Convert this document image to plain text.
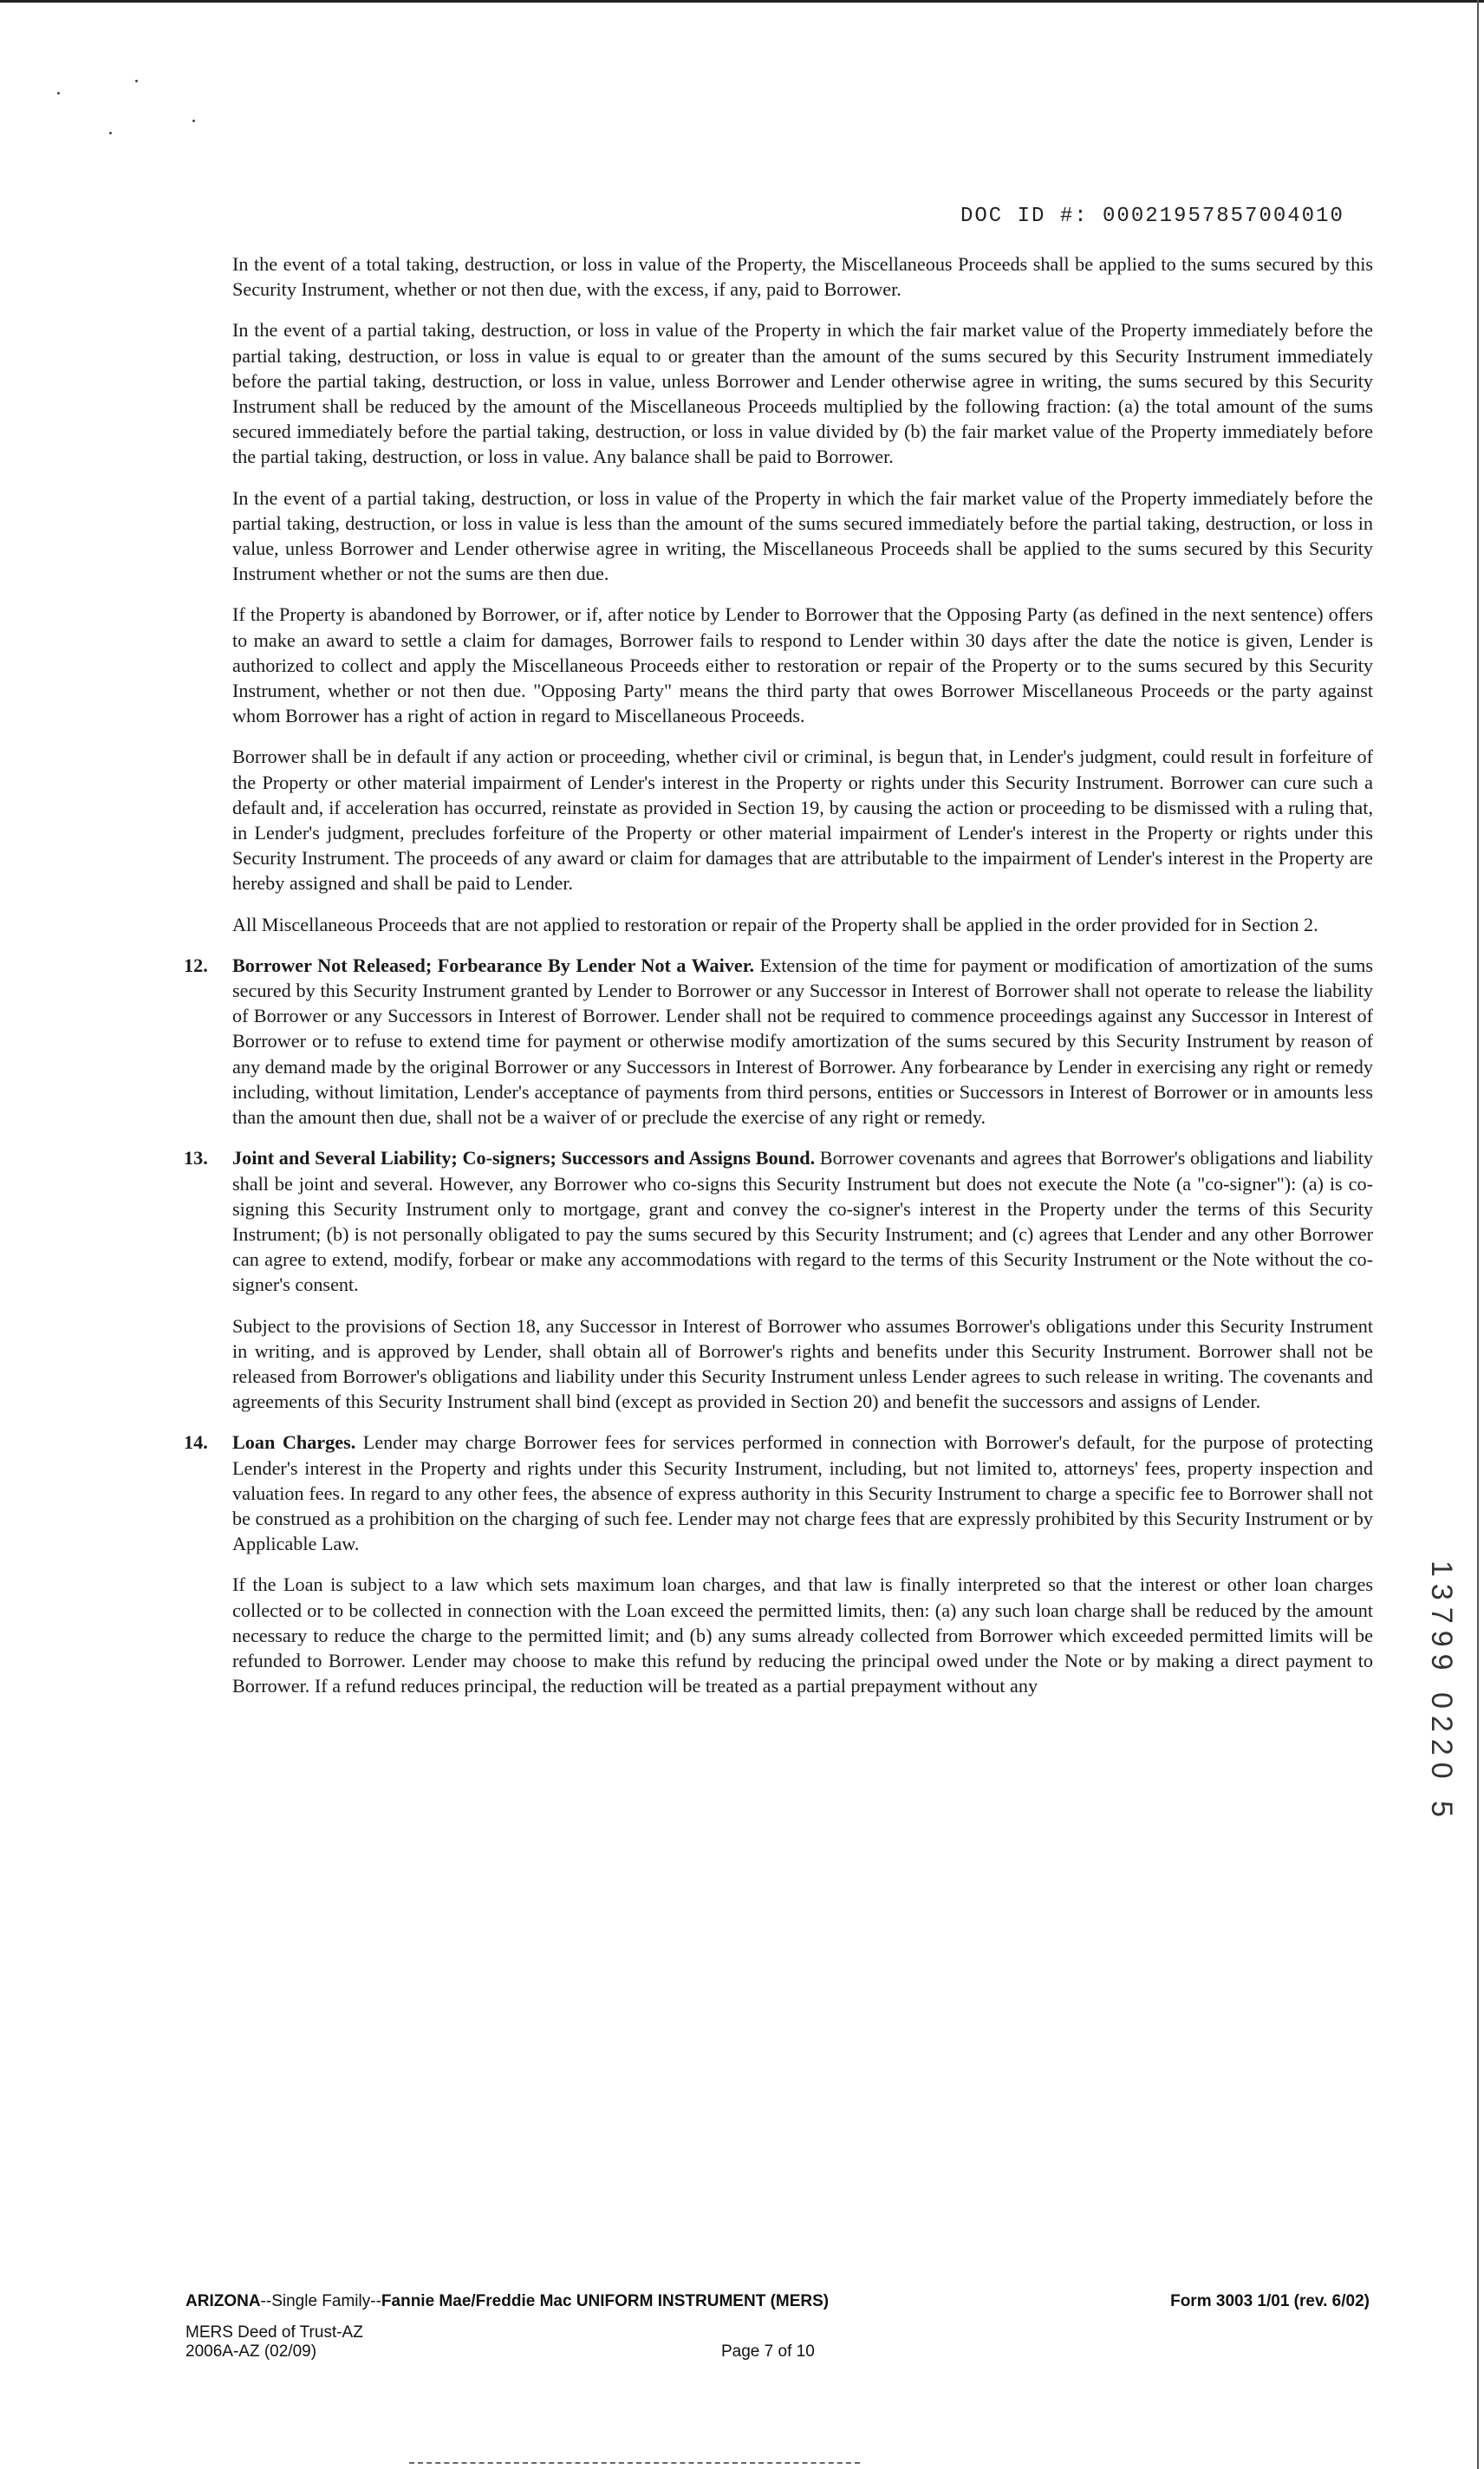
DOC ID #: 00021957857004010

In the event of a total taking, destruction, or loss in value of the Property, the Miscellaneous Proceeds shall be applied to the sums secured by this Security Instrument, whether or not then due, with the excess, if any, paid to Borrower.

In the event of a partial taking, destruction, or loss in value of the Property in which the fair market value of the Property immediately before the partial taking, destruction, or loss in value is equal to or greater than the amount of the sums secured by this Security Instrument immediately before the partial taking, destruction, or loss in value, unless Borrower and Lender otherwise agree in writing, the sums secured by this Security Instrument shall be reduced by the amount of the Miscellaneous Proceeds multiplied by the following fraction: (a) the total amount of the sums secured immediately before the partial taking, destruction, or loss in value divided by (b) the fair market value of the Property immediately before the partial taking, destruction, or loss in value. Any balance shall be paid to Borrower.

In the event of a partial taking, destruction, or loss in value of the Property in which the fair market value of the Property immediately before the partial taking, destruction, or loss in value is less than the amount of the sums secured immediately before the partial taking, destruction, or loss in value, unless Borrower and Lender otherwise agree in writing, the Miscellaneous Proceeds shall be applied to the sums secured by this Security Instrument whether or not the sums are then due.

If the Property is abandoned by Borrower, or if, after notice by Lender to Borrower that the Opposing Party (as defined in the next sentence) offers to make an award to settle a claim for damages, Borrower fails to respond to Lender within 30 days after the date the notice is given, Lender is authorized to collect and apply the Miscellaneous Proceeds either to restoration or repair of the Property or to the sums secured by this Security Instrument, whether or not then due. "Opposing Party" means the third party that owes Borrower Miscellaneous Proceeds or the party against whom Borrower has a right of action in regard to Miscellaneous Proceeds.

Borrower shall be in default if any action or proceeding, whether civil or criminal, is begun that, in Lender's judgment, could result in forfeiture of the Property or other material impairment of Lender's interest in the Property or rights under this Security Instrument. Borrower can cure such a default and, if acceleration has occurred, reinstate as provided in Section 19, by causing the action or proceeding to be dismissed with a ruling that, in Lender's judgment, precludes forfeiture of the Property or other material impairment of Lender's interest in the Property or rights under this Security Instrument. The proceeds of any award or claim for damages that are attributable to the impairment of Lender's interest in the Property are hereby assigned and shall be paid to Lender.

All Miscellaneous Proceeds that are not applied to restoration or repair of the Property shall be applied in the order provided for in Section 2.

12. Borrower Not Released; Forbearance By Lender Not a Waiver. Extension of the time for payment or modification of amortization of the sums secured by this Security Instrument granted by Lender to Borrower or any Successor in Interest of Borrower shall not operate to release the liability of Borrower or any Successors in Interest of Borrower. Lender shall not be required to commence proceedings against any Successor in Interest of Borrower or to refuse to extend time for payment or otherwise modify amortization of the sums secured by this Security Instrument by reason of any demand made by the original Borrower or any Successors in Interest of Borrower. Any forbearance by Lender in exercising any right or remedy including, without limitation, Lender's acceptance of payments from third persons, entities or Successors in Interest of Borrower or in amounts less than the amount then due, shall not be a waiver of or preclude the exercise of any right or remedy.

13. Joint and Several Liability; Co-signers; Successors and Assigns Bound. Borrower covenants and agrees that Borrower's obligations and liability shall be joint and several. However, any Borrower who co-signs this Security Instrument but does not execute the Note (a "co-signer"): (a) is co-signing this Security Instrument only to mortgage, grant and convey the co-signer's interest in the Property under the terms of this Security Instrument; (b) is not personally obligated to pay the sums secured by this Security Instrument; and (c) agrees that Lender and any other Borrower can agree to extend, modify, forbear or make any accommodations with regard to the terms of this Security Instrument or the Note without the co-signer's consent.

Subject to the provisions of Section 18, any Successor in Interest of Borrower who assumes Borrower's obligations under this Security Instrument in writing, and is approved by Lender, shall obtain all of Borrower's rights and benefits under this Security Instrument. Borrower shall not be released from Borrower's obligations and liability under this Security Instrument unless Lender agrees to such release in writing. The covenants and agreements of this Security Instrument shall bind (except as provided in Section 20) and benefit the successors and assigns of Lender.

14. Loan Charges. Lender may charge Borrower fees for services performed in connection with Borrower's default, for the purpose of protecting Lender's interest in the Property and rights under this Security Instrument, including, but not limited to, attorneys' fees, property inspection and valuation fees. In regard to any other fees, the absence of express authority in this Security Instrument to charge a specific fee to Borrower shall not be construed as a prohibition on the charging of such fee. Lender may not charge fees that are expressly prohibited by this Security Instrument or by Applicable Law.

If the Loan is subject to a law which sets maximum loan charges, and that law is finally interpreted so that the interest or other loan charges collected or to be collected in connection with the Loan exceed the permitted limits, then: (a) any such loan charge shall be reduced by the amount necessary to reduce the charge to the permitted limit; and (b) any sums already collected from Borrower which exceeded permitted limits will be refunded to Borrower. Lender may choose to make this refund by reducing the principal owed under the Note or by making a direct payment to Borrower. If a refund reduces principal, the reduction will be treated as a partial prepayment without any	13799 0220 5
ARIZONA--Single Family--Fannie Mae/Freddie Mac UNIFORM INSTRUMENT (MERS)	Form 3003 1/01 (rev. 6/02)
MERS Deed of Trust-AZ
2006A-AZ (02/09)	Page 7 of 10
